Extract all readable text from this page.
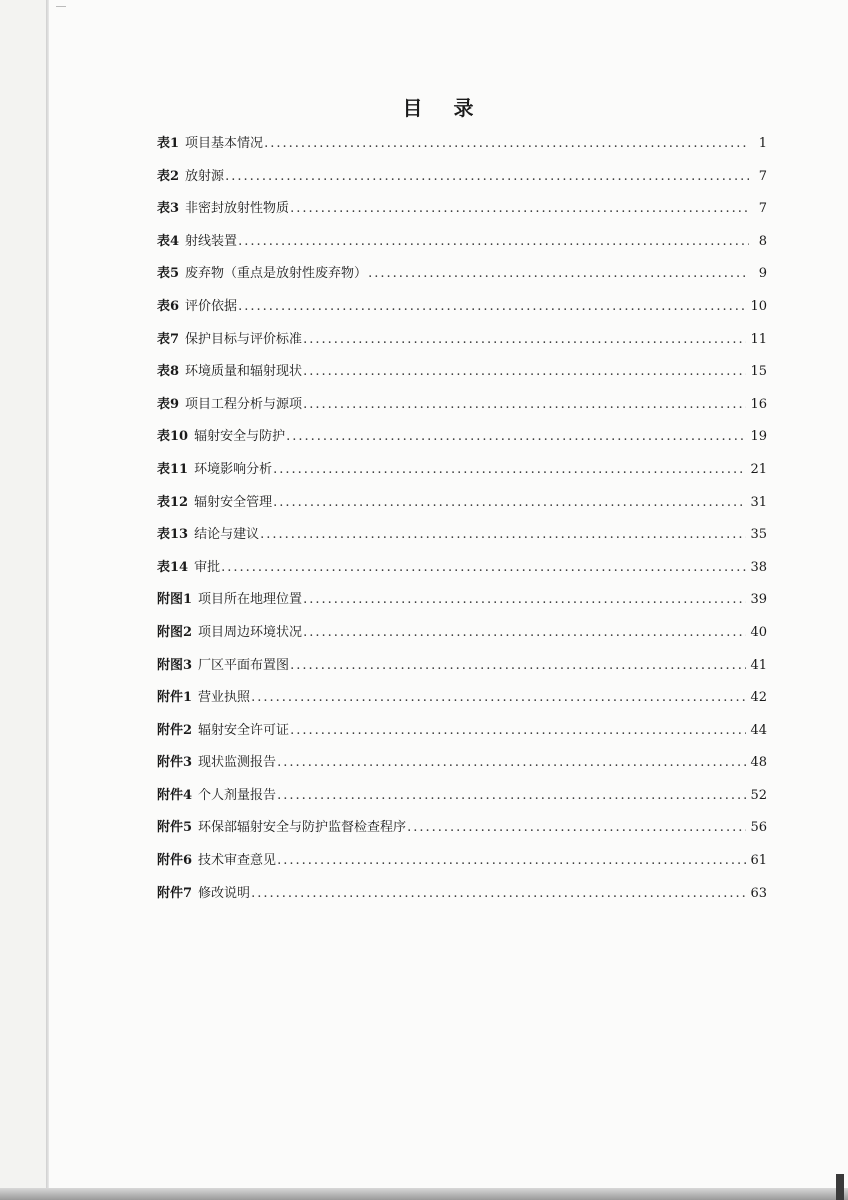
目 录
表1 项目基本情况 .....	1
表2 放射源 .....	7
表3 非密封放射性物质 .....	7
表4 射线装置 .....	8
表5 废弃物（重点是放射性废弃物） .....	9
表6 评价依据 .....	10
表7 保护目标与评价标准 .....	11
表8 环境质量和辐射现状 .....	15
表9 项目工程分析与源项 .....	16
表10 辐射安全与防护 .....	19
表11 环境影响分析 .....	21
表12 辐射安全管理 .....	31
表13 结论与建议 .....	35
表14 审批 .....	38
附图1 项目所在地理位置 .....	39
附图2 项目周边环境状况 .....	40
附图3 厂区平面布置图 .....	41
附件1 营业执照 .....	42
附件2 辐射安全许可证 .....	44
附件3 现状监测报告 .....	48
附件4 个人剂量报告 .....	52
附件5 环保部辐射安全与防护监督检查程序 .....	56
附件6 技术审查意见 .....	61
附件7 修改说明 .....	63
